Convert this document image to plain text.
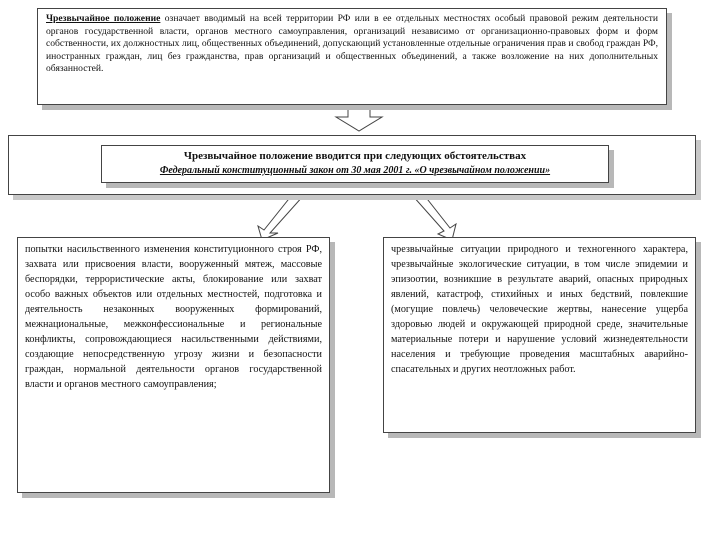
Чрезвычайное положение означает вводимый на всей территории РФ или в ее отдельных местностях особый правовой режим деятельности органов государственной власти, органов местного самоуправления, организаций независимо от организационно-правовых форм и форм собственности, их должностных лиц, общественных объединений, допускающий установленные отдельные ограничения прав и свобод граждан РФ, иностранных граждан, лиц без гражданства, прав организаций и общественных объединений, а также возложение на них дополнительных обязанностей.

Чрезвычайное положение вводится при следующих обстоятельствах

Федеральный конституционный закон от 30 мая 2001 г. «О чрезвычайном положении»

попытки насильственного изменения конституционного строя РФ, захвата или присвоения власти, вооруженный мятеж, массовые беспорядки, террористические акты, блокирование или захват особо важных объектов или отдельных местностей, подготовка и деятельность незаконных вооруженных формирований, межнациональные, межконфессиональные и региональные конфликты, сопровождающиеся насильственными действиями, создающие непосредственную угрозу жизни и безопасности граждан, нормальной деятельности органов государственной власти и органов местного самоуправления;

чрезвычайные ситуации природного и техногенного характера, чрезвычайные экологические ситуации, в том числе эпидемии и эпизоотии, возникшие в результате аварий, опасных природных явлений, катастроф, стихийных и иных бедствий, повлекшие (могущие повлечь) человеческие жертвы, нанесение ущерба здоровью людей и окружающей природной среде, значительные материальные потери и нарушение условий жизнедеятельности населения и требующие проведения масштабных аварийно-спасательных и других неотложных работ.
